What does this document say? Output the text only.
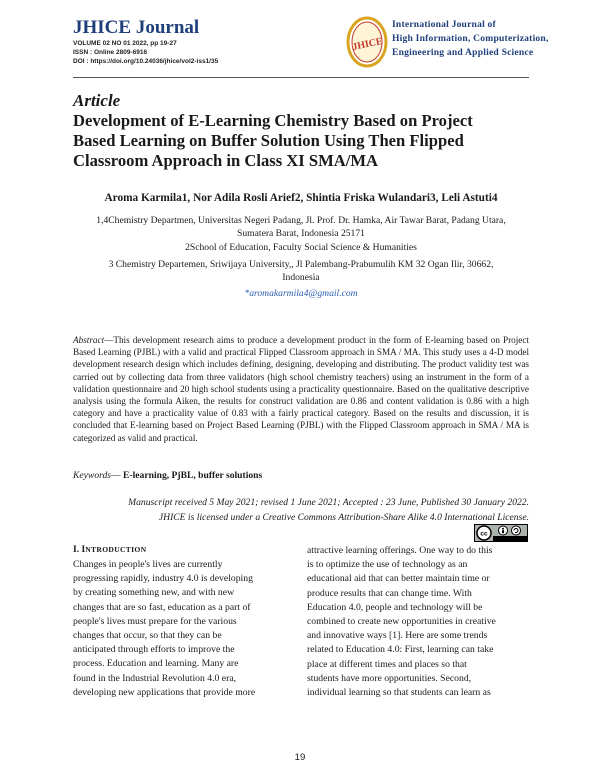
JHICE Journal
VOLUME 02 NO 01 2022, pp 19-27
ISSN : Online 2809-6916
DOI : https://doi.org/10.24036/jhice/vol2-iss1/35
JHICE
International Journal of
High Information, Computerization,
Engineering and Applied Science
Article
Development of E-Learning Chemistry Based on Project
Based Learning on Buffer Solution Using Then Flipped
Classroom Approach in Class XI SMA/MA
Aroma Karmila1, Nor Adila Rosli Arief2, Shintia Friska Wulandari3, Leli Astuti4
1,4Chemistry Departmen, Universitas Negeri Padang, Jl. Prof. Dr. Hamka, Air Tawar Barat, Padang Utara,
Sumatera Barat, Indonesia 25171
2School of Education, Faculty Social Science & Humanities
3 Chemistry Departemen, Sriwijaya University,, Jl Palembang-Prabumulih KM 32 Ogan Ilir, 30662,
Indonesia
*aromakarmila4@gmail.com
Abstract—This development research aims to produce a development product in the form of E-learning based on Project Based Learning (PJBL) with a valid and practical Flipped Classroom approach in SMA / MA. This study uses a 4-D model development research design which includes defining, designing, developing and distributing. The product validity test was carried out by collecting data from three validators (high school chemistry teachers) using an instrument in the form of a validation questionnaire and 20 high school students using a practicality questionnaire. Based on the qualitative descriptive analysis using the formula Aiken, the results for construct validation are 0.86 and content validation is 0.86 with a high category and have a practicality value of 0.83 with a fairly practical category. Based on the results and discussion, it is concluded that E-learning based on Project Based Learning (PJBL) with the Flipped Classroom approach in SMA / MA is categorized as valid and practical.
Keywords— E-learning, PjBL, buffer solutions
Manuscript received 5 May 2021; revised 1 June 2021; Accepted : 23 June, Published 30 January 2022.
JHICE is licensed under a Creative Commons Attribution-Share Alike 4.0 International License.
cc
I. INTRODUCTION
Changes in people's lives are currently
progressing rapidly, industry 4.0 is developing
by creating something new, and with new
changes that are so fast, education as a part of
people's lives must prepare for the various
changes that occur, so that they can be
anticipated through efforts to improve the
process. Education and learning. Many are
found in the Industrial Revolution 4.0 era,
developing new applications that provide more
attractive learning offerings. One way to do this
is to optimize the use of technology as an
educational aid that can better maintain time or
produce results that can change time. With
Education 4.0, people and technology will be
combined to create new opportunities in creative
and innovative ways [1]. Here are some trends
related to Education 4.0: First, learning can take
place at different times and places so that
students have more opportunities. Second,
individual learning so that students can learn as
19
